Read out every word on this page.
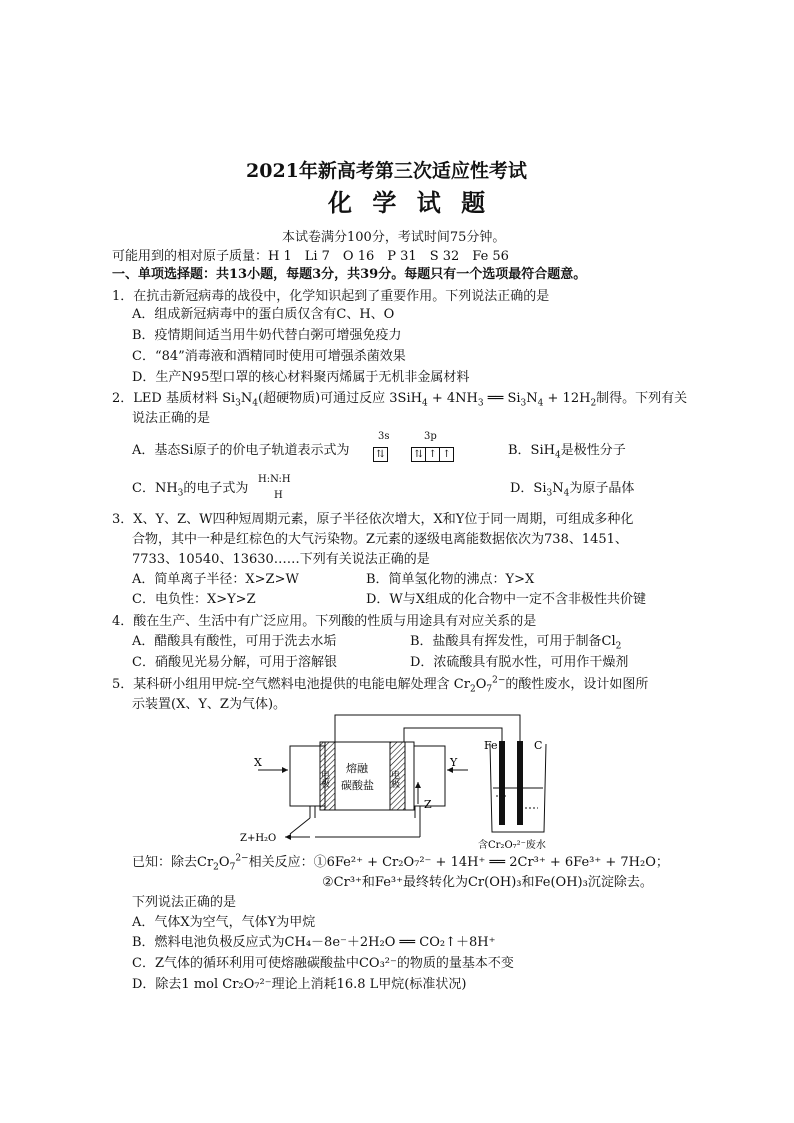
2021年新高考第三次适应性考试
化 学 试 题
本试卷满分100分，考试时间75分钟。
可能用到的相对原子质量：H 1　Li 7　O 16　P 31　S 32　Fe 56
一、单项选择题：共13小题，每题3分，共39分。每题只有一个选项最符合题意。
1．在抗击新冠病毒的战役中，化学知识起到了重要作用。下列说法正确的是
A．组成新冠病毒中的蛋白质仅含有C、H、O
B．疫情期间适当用牛奶代替白粥可增强免疫力
C．“84”消毒液和酒精同时使用可增强杀菌效果
D．生产N95型口罩的核心材料聚丙烯属于无机非金属材料
2．LED 基质材料 $Si_3N_4$(超硬物质)可通过反应 $3SiH_4 + 4NH_3$ ══ $Si_3N_4 + 12H_2$制得。下列有关
说法正确的是
A．基态Si原子的价电子轨道表示式为
3s	3p
⇅	⇅ ↑ ↑	B．SiH$_4$是极性分子
C．$NH_3$的电子式为
H:N:H
H	D．$Si_3N_4$为原子晶体
3．X、Y、Z、W四种短周期元素，原子半径依次增大，X和Y位于同一周期，可组成多种化
合物，其中一种是红棕色的大气污染物。Z元素的逐级电离能数据依次为738、1451、
7733、10540、13630……下列有关说法正确的是
A．简单离子半径：X>Z>W	B．简单氢化物的沸点：Y>X
C．电负性：X>Y>Z	D．W与X组成的化合物中一定不含非极性共价键
4．酸在生产、生活中有广泛应用。下列酸的性质与用途具有对应关系的是
A．醋酸具有酸性，可用于洗去水垢	B．盐酸具有挥发性，可用于制备$Cl_2$
C．硝酸见光易分解，可用于溶解银	D．浓硫酸具有脱水性，可用作干燥剂
5．某科研小组用甲烷-空气燃料电池提供的电能电解处理含 $Cr_2O_7^{2-}$的酸性废水，设计如图所
示装置(X、Y、Z为气体)。
X	Y
Z
电极	电极
熔融
碳酸盐
Fe	C
Z+H₂O
含Cr₂O₇²⁻废水
已知：除去$Cr_2O_7^{2-}$相关反应：①6Fe²⁺ + Cr₂O₇²⁻ + 14H⁺ ══ 2Cr³⁺ + 6Fe³⁺ + 7H₂O；
②Cr³⁺和Fe³⁺最终转化为Cr(OH)₃和Fe(OH)₃沉淀除去。
下列说法正确的是
A．气体X为空气，气体Y为甲烷
B．燃料电池负极反应式为CH₄－8e⁻＋2H₂O ══ CO₂↑＋8H⁺
C．Z气体的循环利用可使熔融碳酸盐中CO₃²⁻的物质的量基本不变
D．除去1 mol Cr₂O₇²⁻理论上消耗16.8 L甲烷(标准状况)
